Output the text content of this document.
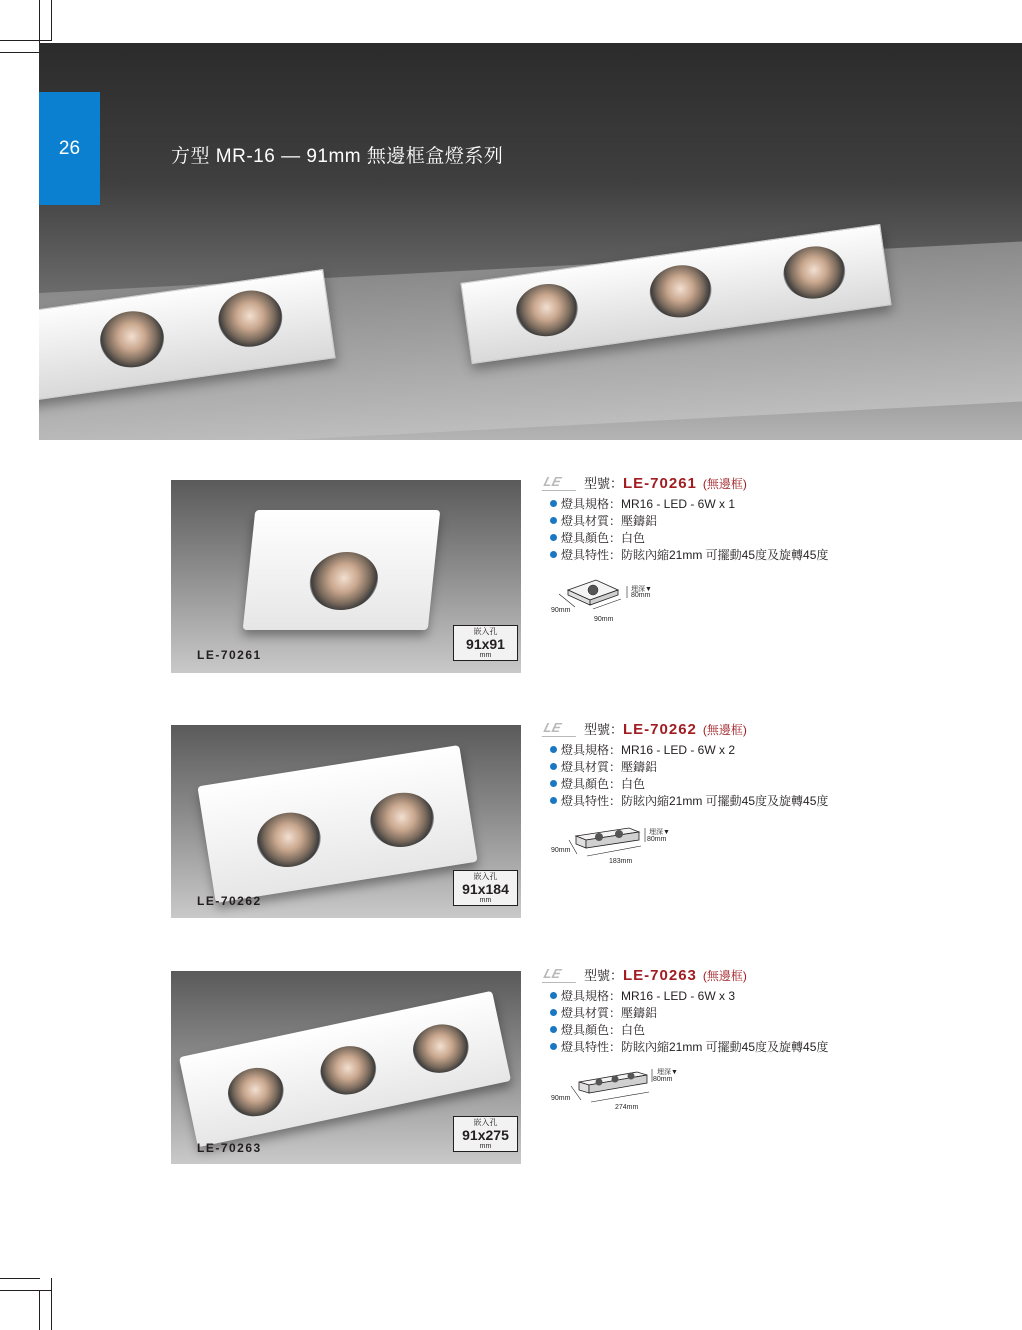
26	方型 MR-16 — 91mm 無邊框盒燈系列
LE-70261
嵌入孔
91x91
mm
LE	型號：LE-70261 (無邊框)
燈具規格：MR16 - LED - 6W x 1
燈具材質：壓鑄鋁
燈具顏色：白色
燈具特性：防眩內縮21mm 可擺動45度及旋轉45度
埋深▼
80mm
90mm
90mm
LE-70262
嵌入孔
91x184
mm
LE	型號：LE-70262 (無邊框)
燈具規格：MR16 - LED - 6W x 2
燈具材質：壓鑄鋁
燈具顏色：白色
燈具特性：防眩內縮21mm 可擺動45度及旋轉45度
埋深▼
80mm
90mm
183mm
LE-70263
嵌入孔
91x275
mm
LE	型號：LE-70263 (無邊框)
燈具規格：MR16 - LED - 6W x 3
燈具材質：壓鑄鋁
燈具顏色：白色
燈具特性：防眩內縮21mm 可擺動45度及旋轉45度
埋深▼
80mm
90mm
274mm
